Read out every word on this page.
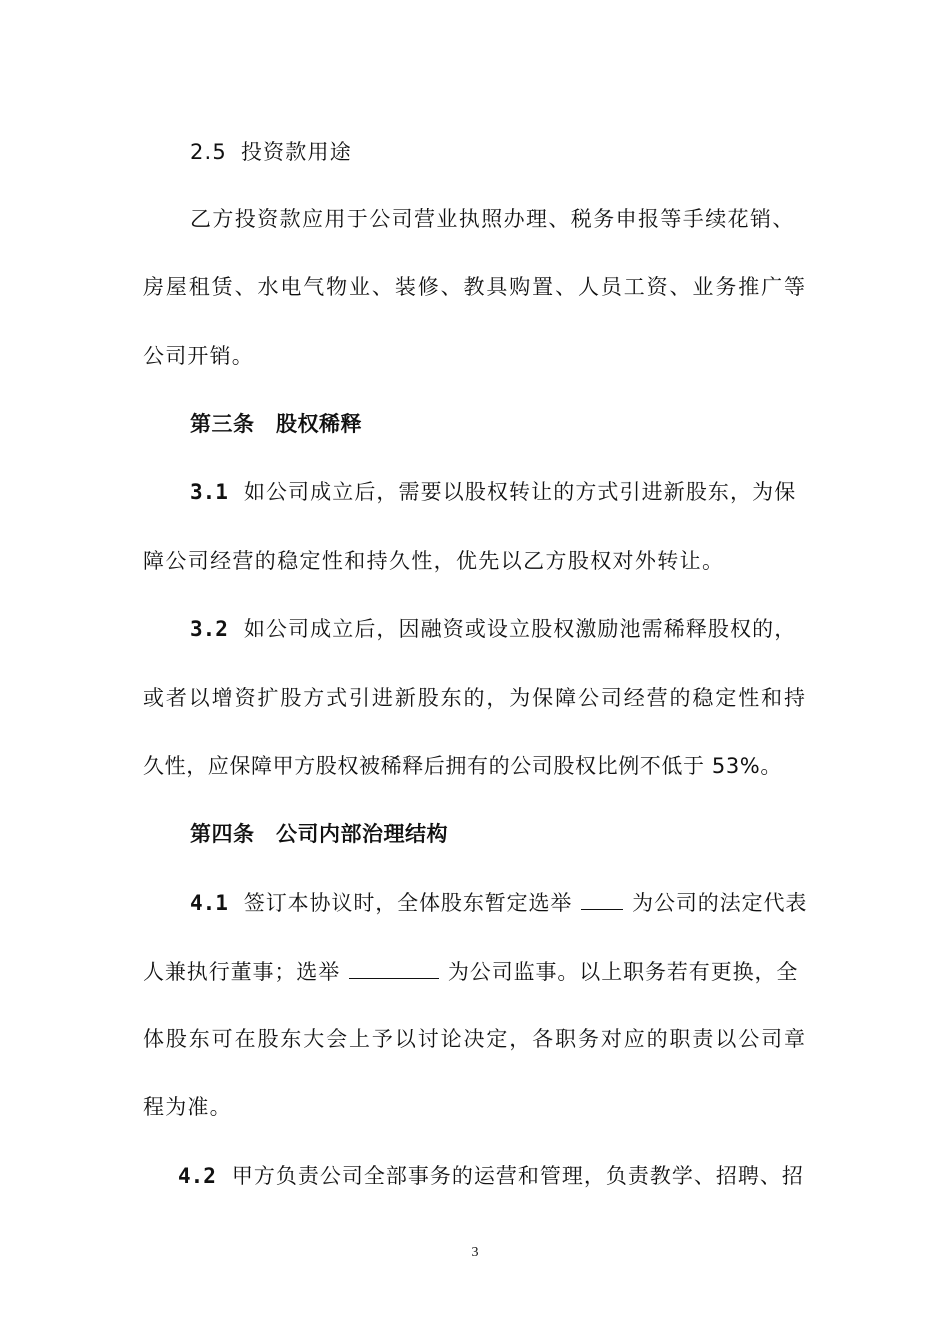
2.5 投资款用途
乙方投资款应用于公司营业执照办理、税务申报等手续花销、
房屋租赁、水电气物业、装修、教具购置、人员工资、业务推广等
公司开销。
第三条　股权稀释
3.1 如公司成立后，需要以股权转让的方式引进新股东，为保
障公司经营的稳定性和持久性，优先以乙方股权对外转让。
3.2 如公司成立后，因融资或设立股权激励池需稀释股权的，
或者以增资扩股方式引进新股东的，为保障公司经营的稳定性和持
久性，应保障甲方股权被稀释后拥有的公司股权比例不低于 53%。
第四条　公司内部治理结构
4.1 签订本协议时，全体股东暂定选举	为公司的法定代表
人兼执行董事；选举	为公司监事。以上职务若有更换，全
体股东可在股东大会上予以讨论决定，各职务对应的职责以公司章
程为准。
4.2 甲方负责公司全部事务的运营和管理，负责教学、招聘、招
3
